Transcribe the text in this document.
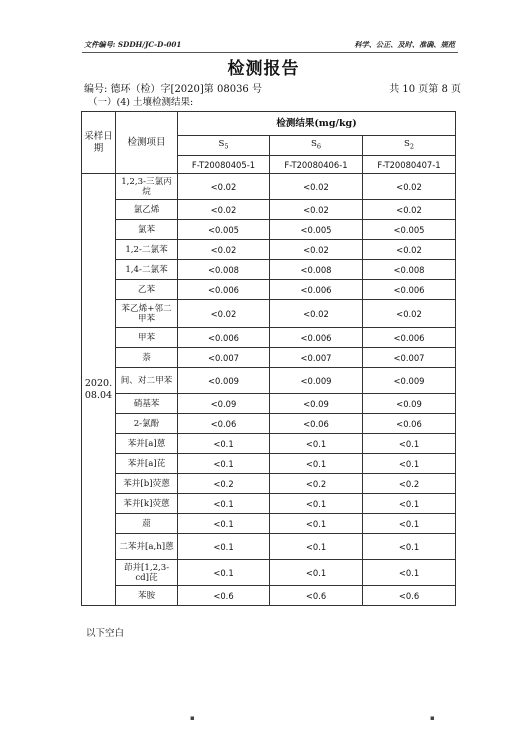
文件编号: SDDH/JC-D-001	科学、公正、及时、准确、规范
检测报告
编号: 德环（检）字[2020]第 08036 号	共 10 页第 8 页
（一）(4) 土壤检测结果:
采样日期	检测项目	检测结果(mg/kg)		
		$S_5$	$S_6$	$S_2$
		F-T20080405-1	F-T20080406-1	F-T20080407-1
2020.08.04	1,2,3-三氯丙烷	<0.02	<0.02	<0.02
	氯乙烯	<0.02	<0.02	<0.02
	氯苯	<0.005	<0.005	<0.005
	1,2-二氯苯	<0.02	<0.02	<0.02
	1,4-二氯苯	<0.008	<0.008	<0.008
	乙苯	<0.006	<0.006	<0.006
	苯乙烯+邻二甲苯	<0.02	<0.02	<0.02
	甲苯	<0.006	<0.006	<0.006
	萘	<0.007	<0.007	<0.007
	间、对二甲苯	<0.009	<0.009	<0.009
	硝基苯	<0.09	<0.09	<0.09
	2-氯酚	<0.06	<0.06	<0.06
	苯并[a]蒽	<0.1	<0.1	<0.1
	苯并[a]芘	<0.1	<0.1	<0.1
	苯并[b]荧蒽	<0.2	<0.2	<0.2
	苯并[k]荧蒽	<0.1	<0.1	<0.1
	䓛	<0.1	<0.1	<0.1
	二苯并[a,h]蒽	<0.1	<0.1	<0.1
	茚并[1,2,3-cd]芘	<0.1	<0.1	<0.1
	苯胺	<0.6	<0.6	<0.6
以下空白
▪	▪
